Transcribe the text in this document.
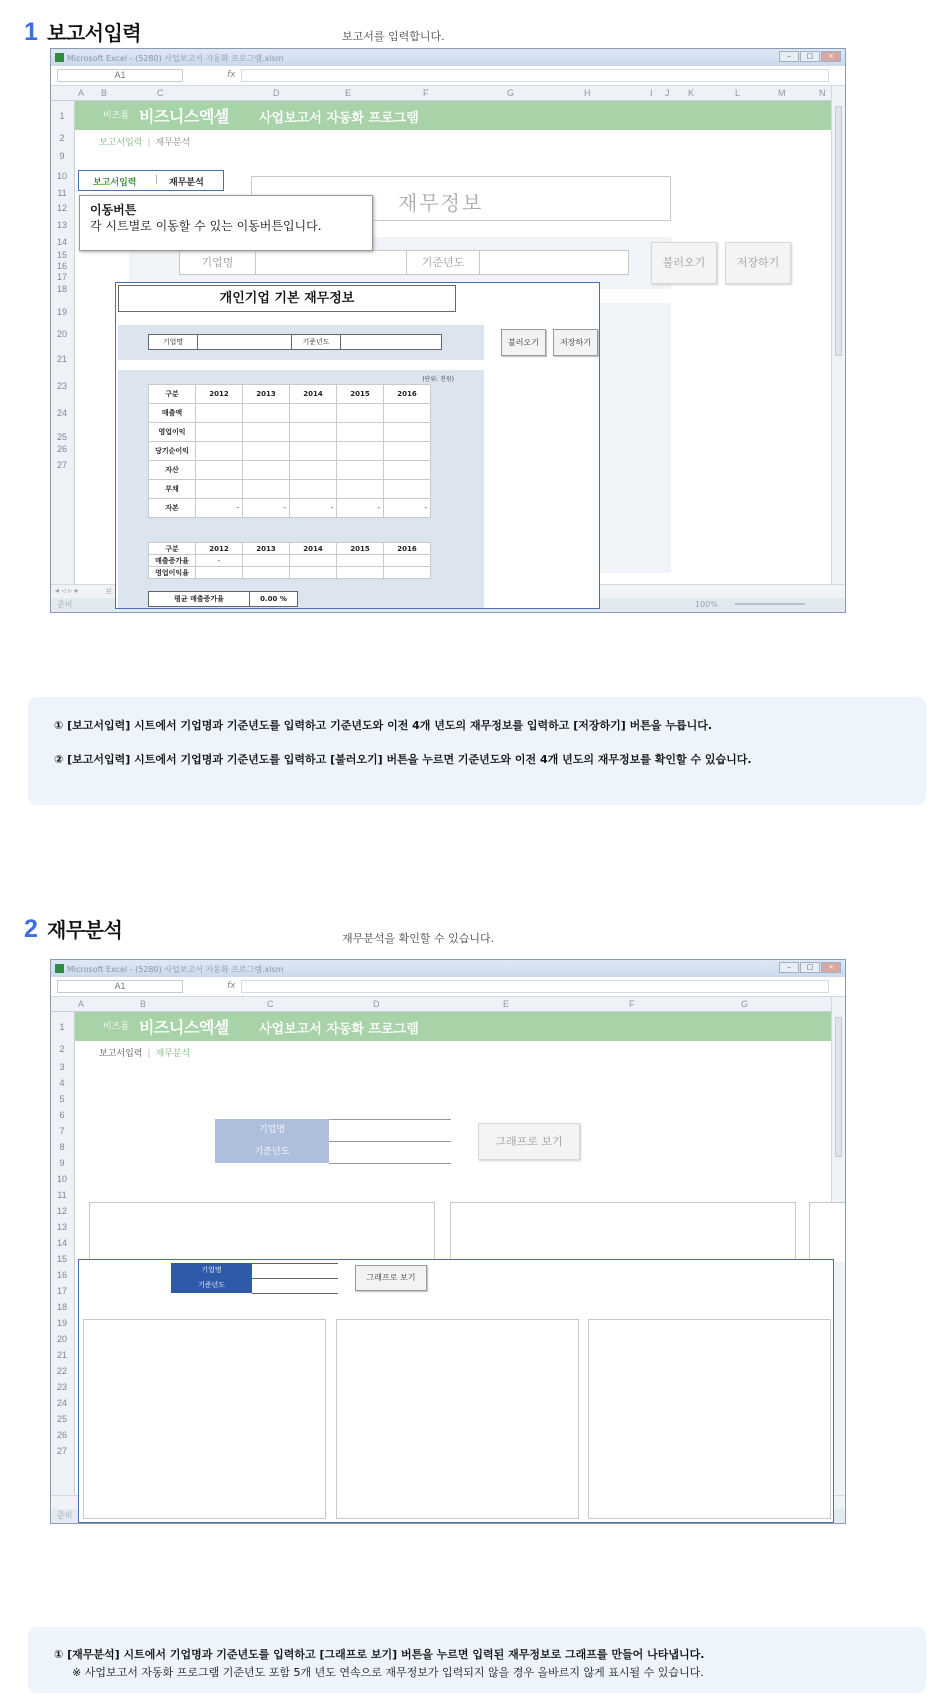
1 보고서입력	보고서를 입력합니다.
Microsoft Excel - (5280) 사업보고서 자동화 프로그램.xlsm	–	□	×
A1	fx
A B	C	D	E	F	G	H	I J K	L	M	N
1
2
9
10
11
12
13
14
15
16
17
18
19
20
21
23
24
25
26
27
비즈폼 비즈니스엑셀 사업보고서 자동화 프로그램
보고서입력 | 재무분석
재무정보
기업명	기준년도	불러오기	저장하기
◂ ◃ ▹ ▸	보
준비	100%
보고서입력 | 재무분석
이동버튼
각 시트별로 이동할 수 있는 이동버튼입니다.
개인기업 기본 재무정보
기업명	기준년도	불러오기	저장하기
(단위: 천원)
구분	2012	2013	2014	2015	2016
매출액					
영업이익					
당기순이익					
자산					
부채					
자본	-	-	-	-	-
구분	2012	2013	2014	2015	2016
매출증가율	-				
영업이익율					
평균 매출증가율	0.00 %

① [보고서입력] 시트에서 기업명과 기준년도를 입력하고 기준년도와 이전 4개 년도의 재무정보를 입력하고 [저장하기] 버튼을 누릅니다.

② [보고서입력] 시트에서 기업명과 기준년도를 입력하고 [불러오기] 버튼을 누르면 기준년도와 이전 4개 년도의 재무정보를 확인할 수 있습니다.

2 재무분석	재무분석을 확인할 수 있습니다.
Microsoft Excel - (5280) 사업보고서 자동화 프로그램.xlsm	–	□	×
A1	fx
A	B	C	D	E	F	G
1
2
3
4
5
6
7
8
9
10
11
12
13
14
15
16
17
18
19
20
21
22
23
24
25
26
27
비즈폼 비즈니스엑셀 사업보고서 자동화 프로그램
보고서입력 | 재무분석
기업명
기준년도
그래프로 보기
준비
기업명
기준년도
그래프로 보기

① [재무분석] 시트에서 기업명과 기준년도를 입력하고 [그래프로 보기] 버튼을 누르면 입력된 재무정보로 그래프를 만들어 나타냅니다.

※ 사업보고서 자동화 프로그램 기준년도 포함 5개 년도 연속으로 재무정보가 입력되지 않을 경우 올바르지 않게 표시될 수 있습니다.
